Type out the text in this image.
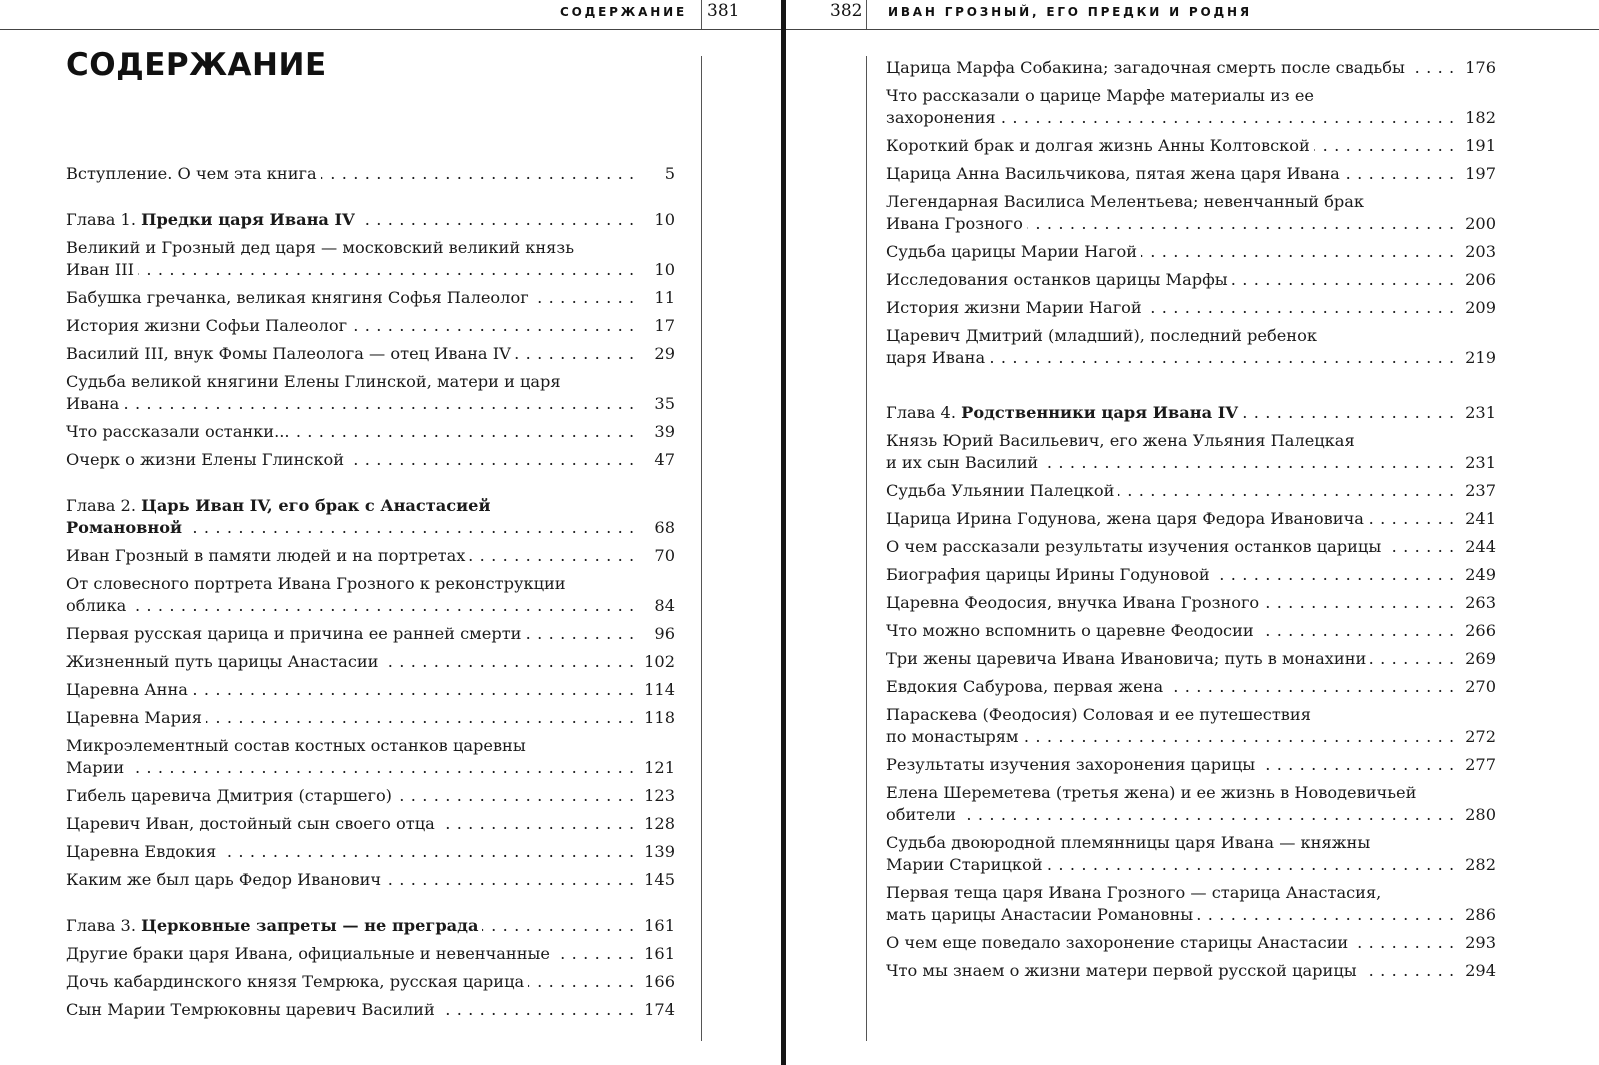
СОДЕРЖАНИЕ 381	382 ИВАН ГРОЗНЫЙ, ЕГО ПРЕДКИ И РОДНЯ
СОДЕРЖАНИЕ
Вступление. О чем эта книга . . .	5
Глава 1. Предки царя Ивана IV . . .	10
Великий и Грозный дед царя — московский великий князь
Иван III . . .	10
Бабушка гречанка, великая княгиня Софья Палеолог . . .	11
История жизни Софьи Палеолог . . .	17
Василий III, внук Фомы Палеолога — отец Ивана IV . . .	29
Судьба великой княгини Елены Глинской, матери и царя
Ивана . . .	35
Что рассказали останки... . . .	39
Очерк о жизни Елены Глинской . . .	47
Глава 2. Царь Иван IV, его брак с Анастасией
Романовной . . .	68
Иван Грозный в памяти людей и на портретах . . .	70
От словесного портрета Ивана Грозного к реконструкции
облика . . .	84
Первая русская царица и причина ее ранней смерти . . .	96
Жизненный путь царицы Анастасии . . .	102
Царевна Анна . . .	114
Царевна Мария . . .	118
Микроэлементный состав костных останков царевны
Марии . . .	121
Гибель царевича Дмитрия (старшего) . . .	123
Царевич Иван, достойный сын своего отца . . .	128
Царевна Евдокия . . .	139
Каким же был царь Федор Иванович . . .	145
Глава 3. Церковные запреты — не преграда . . .	161
Другие браки царя Ивана, официальные и невенчанные . . .	161
Дочь кабардинского князя Темрюка, русская царица . . .	166
Сын Марии Темрюковны царевич Василий . . .	174
Царица Марфа Собакина; загадочная смерть после свадьбы . . .	176
Что рассказали о царице Марфе материалы из ее
захоронения . . .	182
Короткий брак и долгая жизнь Анны Колтовской . . .	191
Царица Анна Васильчикова, пятая жена царя Ивана . . .	197
Легендарная Василиса Мелентьева; невенчанный брак
Ивана Грозного . . .	200
Судьба царицы Марии Нагой . . .	203
Исследования останков царицы Марфы . . .	206
История жизни Марии Нагой . . .	209
Царевич Дмитрий (младший), последний ребенок
царя Ивана . . .	219
Глава 4. Родственники царя Ивана IV . . .	231
Князь Юрий Васильевич, его жена Ульяния Палецкая
и их сын Василий . . .	231
Судьба Ульянии Палецкой . . .	237
Царица Ирина Годунова, жена царя Федора Ивановича . . .	241
О чем рассказали результаты изучения останков царицы . . .	244
Биография царицы Ирины Годуновой . . .	249
Царевна Феодосия, внучка Ивана Грозного . . .	263
Что можно вспомнить о царевне Феодосии . . .	266
Три жены царевича Ивана Ивановича; путь в монахини . . .	269
Евдокия Сабурова, первая жена . . .	270
Параскева (Феодосия) Соловая и ее путешествия
по монастырям . . .	272
Результаты изучения захоронения царицы . . .	277
Елена Шереметева (третья жена) и ее жизнь в Новодевичьей
обители . . .	280
Судьба двоюродной племянницы царя Ивана — княжны
Марии Старицкой . . .	282
Первая теща царя Ивана Грозного — старица Анастасия,
мать царицы Анастасии Романовны . . .	286
О чем еще поведало захоронение старицы Анастасии . . .	293
Что мы знаем о жизни матери первой русской царицы . . .	294
